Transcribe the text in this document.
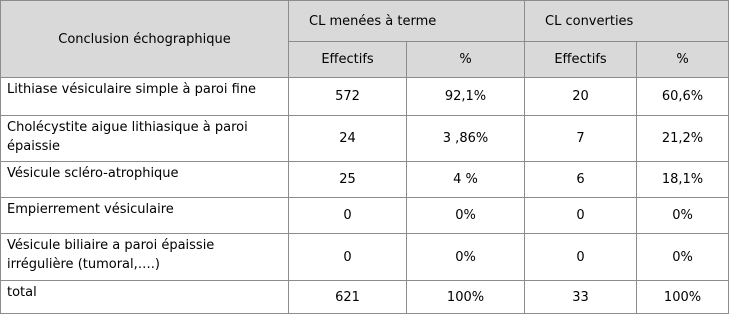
Conclusion échographique	CL menées à terme		CL converties	
	Effectifs	%	Effectifs	%
Lithiase vésiculaire simple à paroi fine	572	92,1%	20	60,6%
Cholécystite aigue lithiasique à paroi épaissie	24	3 ,86%	7	21,2%
Vésicule scléro-atrophique	25	4 %	6	18,1%
Empierrement vésiculaire	0	0%	0	0%
Vésicule biliaire a paroi épaissie irrégulière (tumoral,….)	0	0%	0	0%
total	621	100%	33	100%
